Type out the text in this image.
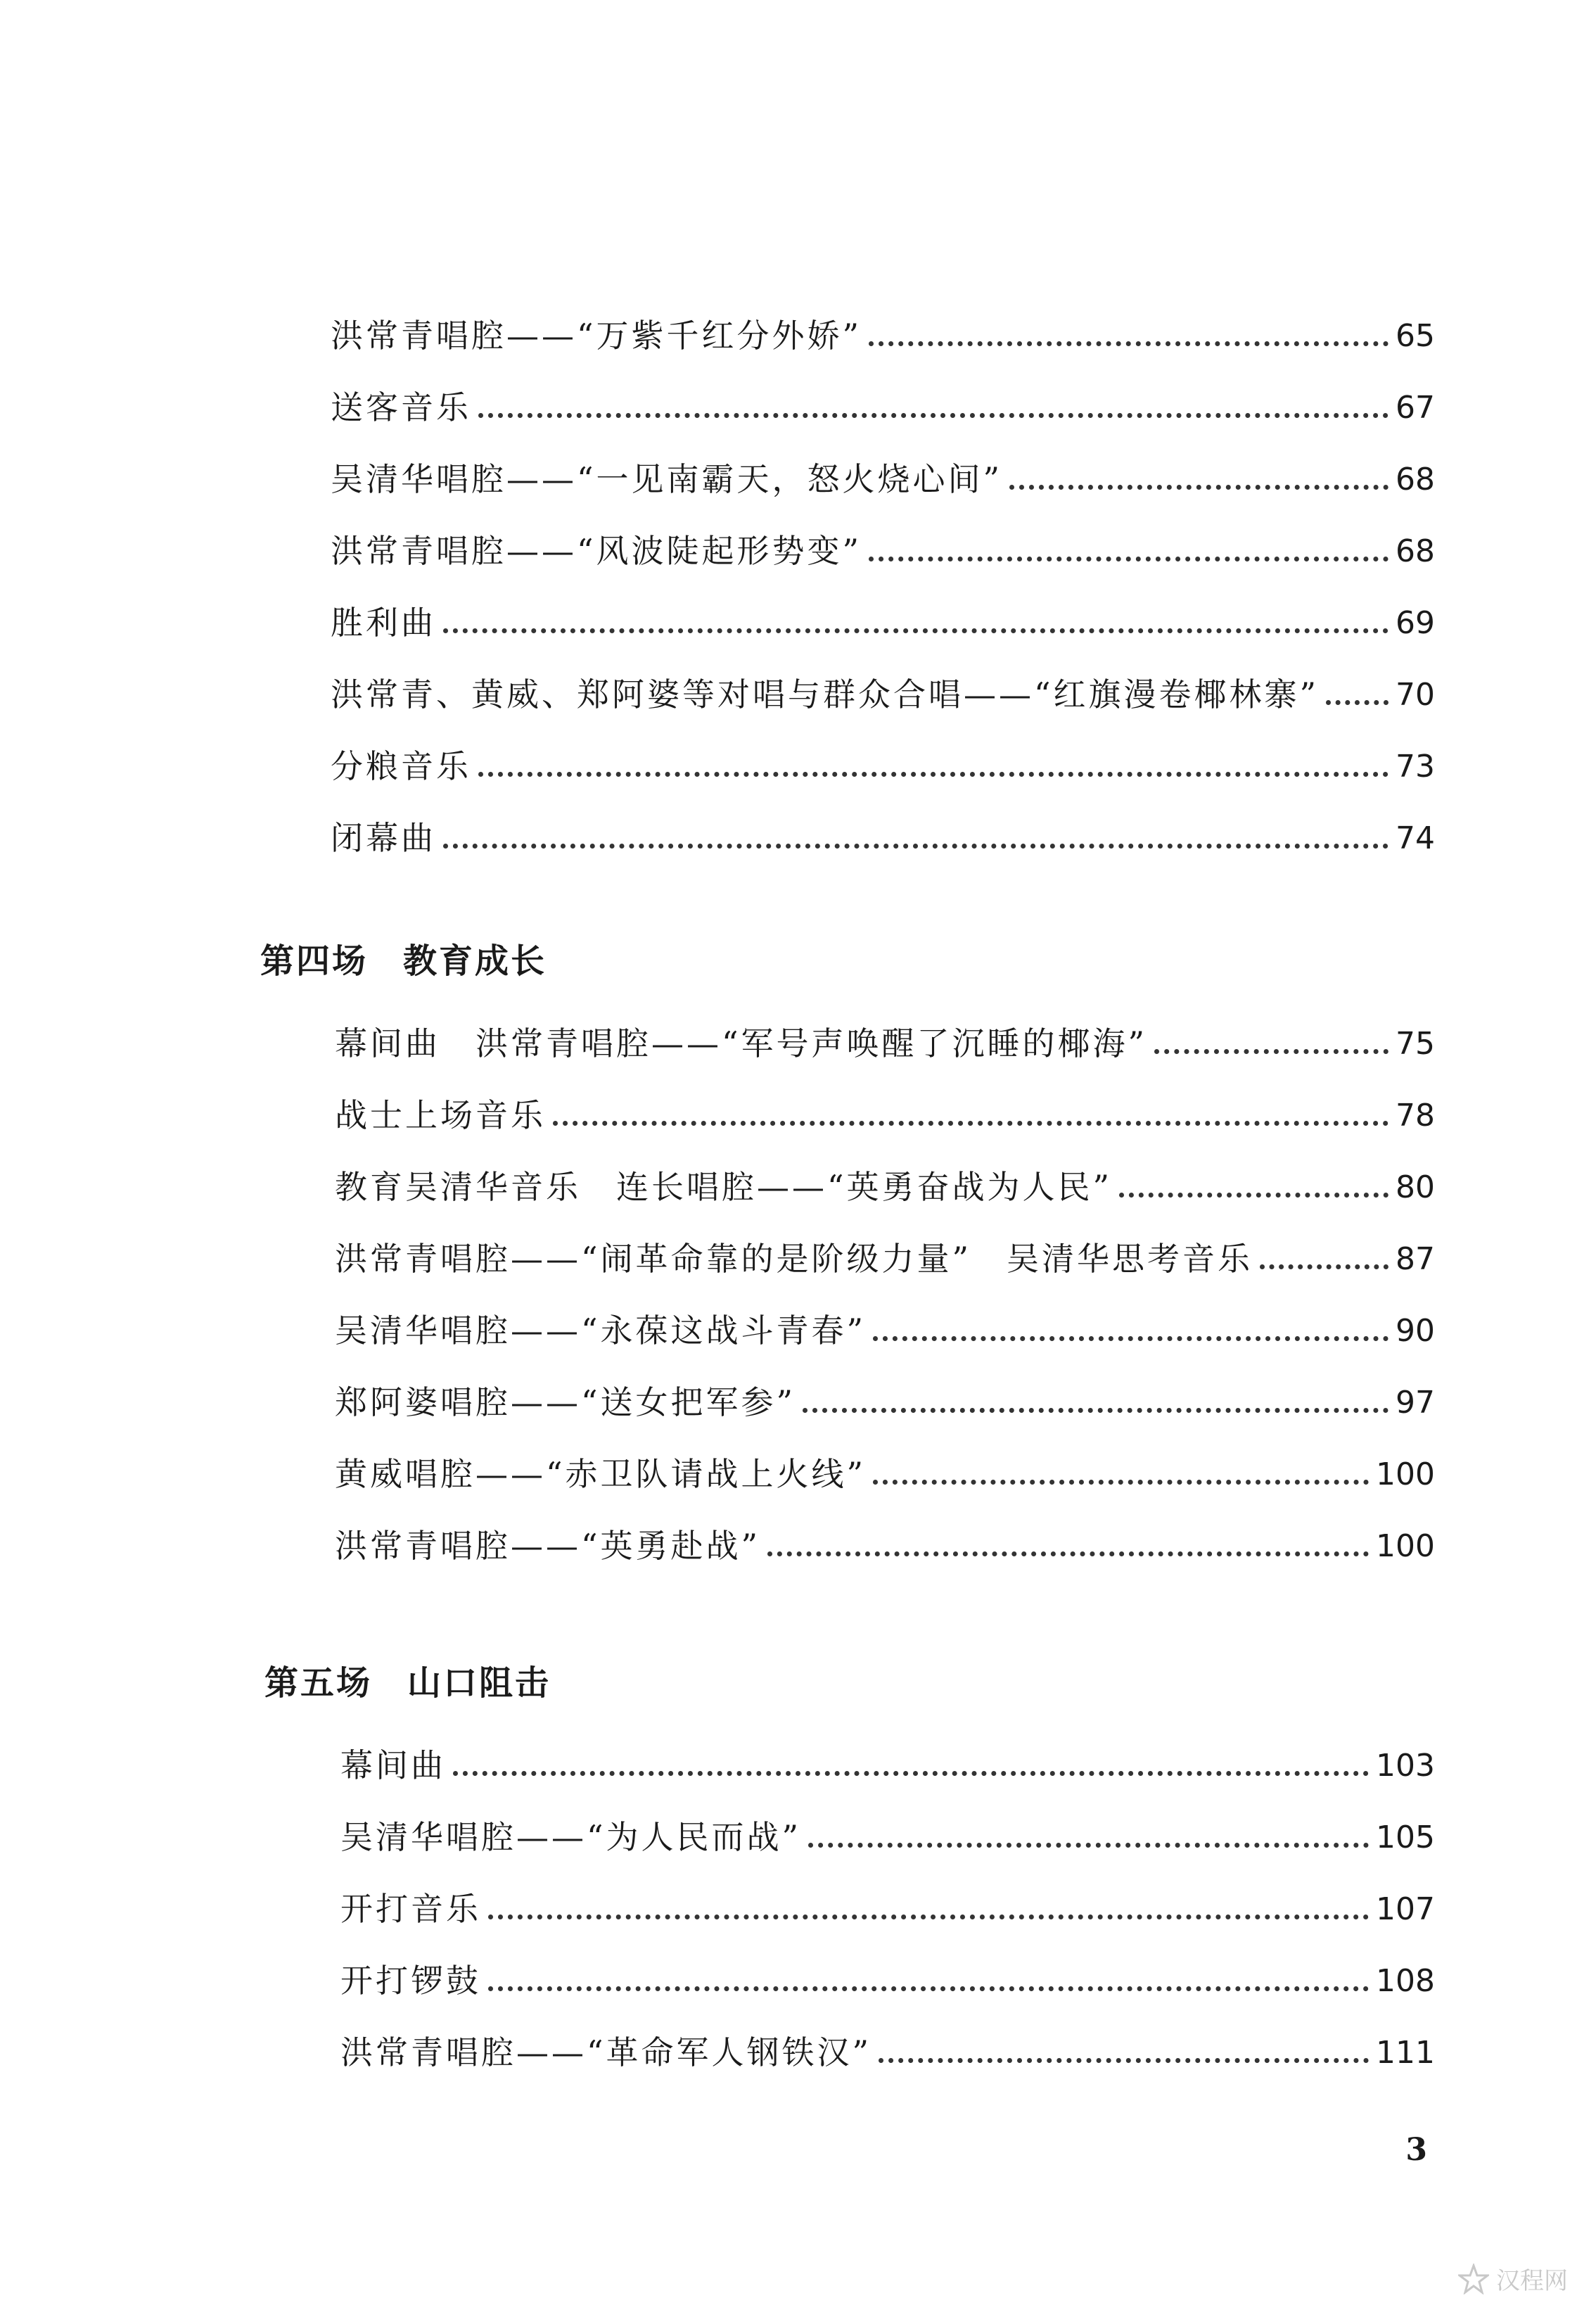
洪常青唱腔——“万紫千红分外娇”	65
送客音乐	67
吴清华唱腔——“一见南霸天，怒火烧心间”	68
洪常青唱腔——“风波陡起形势变”	68
胜利曲	69
洪常青、黄威、郑阿婆等对唱与群众合唱——“红旗漫卷椰林寨” 70
分粮音乐	73
闭幕曲	74
第四场 教育成长
幕间曲　洪常青唱腔——“军号声唤醒了沉睡的椰海”	75
战士上场音乐	78
教育吴清华音乐　连长唱腔——“英勇奋战为人民”	80
洪常青唱腔——“闹革命靠的是阶级力量”　吴清华思考音乐	87
吴清华唱腔——“永葆这战斗青春”	90
郑阿婆唱腔——“送女把军参”	97
黄威唱腔——“赤卫队请战上火线”	100
洪常青唱腔——“英勇赴战”	100
第五场 山口阻击
幕间曲	103
吴清华唱腔——“为人民而战”	105
开打音乐	107
开打锣鼓	108
洪常青唱腔——“革命军人钢铁汉”	111
3
汉程网
